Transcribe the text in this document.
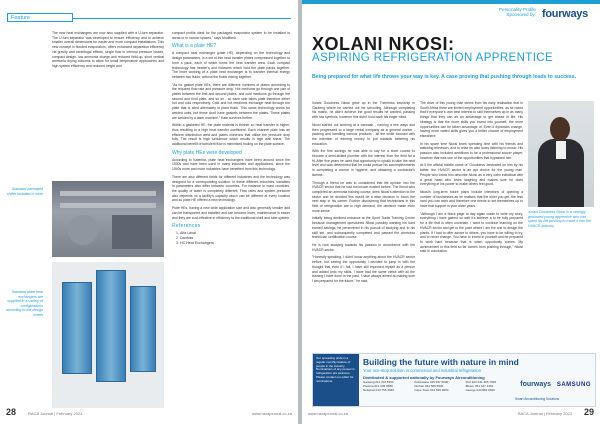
Feature

The new heat exchangers are now also supplied with a U-turn separator. The U-turn separator was developed to ensure efficiency and to achieve smaller overall dimensions for easier and more compact installations. This new concept in flooded evaporators, offers enhanced separation efficiency via gravity and centrifugal effects, single flow in internal pressure losses, compact design, low ammonia charge and reduced field-up, short vertical ammonia drying columns to allow for small temperature approaches and high system efficiency and reduced height and

Standard packaged chiller installed in mine
Standard plate heat exchangers are supplied in a variety of configurations according to the design needs

compact profile ideal for the packaged evaporator system to be installed in areas or in narrow spaces," says Modibedi.

What is a plate HE?

A compact heat exchanger (plate HE), depending on the technology and design parameters, is a set of thin heat transfer plates compressed together to form a pack, each of which forms the heat transfer area. Each compact technology has header's and followers which hold the plate packs together. The inner working of a plate heat exchanger is to transfer thermal energy between two fluids, without the fluids mixing together.

"As for gasket plate HEs, there are different numbers of plates according to the required flow rate and pressure drop. Hot mediums go through one pair of plates between the first and second plates, and cold mediums go through the second and third plate, and so on - so each side takes plate therefore either hot and cold respectively. Cold and hot mediums exchange heat through the plate that is sited alternately in plant fluids. This same technology works for welded units, but these don't have gaskets between the plates. These plates are welded by a laser machine," Kate survives further.

Within a gasketed HE, the plate material is thinner so heat transfer is higher, thus resulting in a high heat transfer coefficient. Each channel plate has an efficient distribution area and plates chevrons that utilise the pressure drop fully. The result is high turbulence which results in high wall shear. The additional benefit of turbulent flow is minimised fouling on the plate surface.

Why plate HEs were developed

According to Katerina, plate heat exchangers have been around since the 1930s and have been used in many industries and applications, since the 1940s more and more industries have benefited from this technology.

There are also different fields for different industries and the technology was designed for a corresponding solution. In these different industries, variables in parameters also differ between countries. For instance in mast countries, the quality of water is completely different. Flow rates and system pressure also depends on a facility's capacity which can be different at every location and so plate HE offered a new technology.

Plate HEs, having a new wide application size and also generally smaller and can be transported and installed and can become lower, maintenance is easier and they are cost-effective in efficiency to the traditional shell and tube system

References
1. Alfa Laval
2. Danfoss
3. HC Heat Exchangers
28	RACA Journal | February 2023	www.racajournal.co.za
Personality Profile Sponsored by: fourways
XOLANI NKOSI:
ASPIRING REFRIGERATION APPRENTICE
Being prepared for what life throws your way is key. A case proving that pushing through leads to success.

Xolani Goodness Nkosi grew up in the Thembisa township in Gauteng where he carried out his schooling. Although completing his matric, he didn't achieve the good results he wanted, passing with low symbols, however this didn't hold back his eager mind.

Nkosi started out working at a carwash - running a few ways and then progressed to a large rental company as a general worker - packing and handling various products - all the while focused with the intention of earning money to put towards bettering his education.

With the first savings he was able to say for a short course to become a semi-skilled plumber with the interest from the field for a fit. After five years he used that opportunity to upskill to take the next level and was determined that he could pursue his accomplishments in completing a course in hygiene, and obtaining a contractor's license.

Through a friend he was to considered that life opinion into the HVACR sector that he had not known existed before. The friend who completed an ammonia training course, drew Nkosi's attention to the sector and he decided this would be a wise decision to focus the next step in his career. Further discovering that technicians in this field of refrigeration are in high demand, the decision made even more sense.

Initially being declined entrance at the Sport Trade Training Centre because management questioned Nkosi possibly wanting his hard earned savings, he persevered in his pursuit of studying and to his skill set, and subsequently completed and passed the ammonia technician certification course.

He is now studying towards his passion in accordance with the HVACR sector.

"Honestly speaking, I didn't know anything about the HVACR sector before, but seeing the opportunity I decided to jump in with the thought that even if I fail, I have still improved myself as a person and added onto my skills. I have had the same views with all the training I have done in the past. I have always aimed at making sure I am prepared for the future," he said.

The drive of this young man stems from his early realisation that in South Africa there are limited employment opportunities, as he noted that if everyone's own best interest to skill themselves up in as many things that they can as an advantage to get ahead in life. His strategy is that the more skills you invest into yourself, the more opportunities can be taken advantage of. Even if dynamics change, having more varied skills gives you a better chance of employment elsewhere.

In his spare time Nkosi loves spending time with his friends and watching television, and to relax he also loves listening to music. His passion also included ambitions to be a professional soccer player, however that was one of the opportunities that bypassed him.

At it the official middle-name of 'Goodness' bestowed on him by his father, the HVACR sector is an apt choice for the young man. People who know him describe Nkosi as a very calm individual with a great heart who loves laughing and makes sure he does everything in his power to make others feel good.

Nkosi's long-term future plans include intentions of opening a number of businesses as he realises that the older you get, the less hard you can work and therefore one needs to set themselves up to have that support in your older years.

"Although I am a black page to day again made to write my story, everything I have gained so well it's achieve a to be fully prepared for a life that is often uncertain. I want to continue learning on the HVACR sector and get to the point where I am the one to design the plants. If I had to offer advice to others, you have to be willing to try, and to never change. You have to invest in yourself and be prepared to work hard because that is when opportunity comes. My achievement in this field so far comes from pushing through," Nkosi said in conclusion.

Xolani Goodness Nkosi is a strongly grounded young apprentice who has spent his life pushing to make it into the HVACR industry.
Our spreading pride in a regular monthly feature of people in the industry. Nominations of any person in refrigeration are welcome. Please contact our editor for nominations.
Building the future with nature in mind
Your one-stop solution in commercial and industrial refrigeration
Distributed & supported nationally by Fourways Airconditioning
Gauteng 011 704 5300
Pretoria 012 345 3580
Nelspruit 013 755 4045
Polokwane 015 297 6600
Durban 031 569 5500
Cape Town 021 529 9000
Port Eliz 041 365 7000
Bloem 051 447 4461
George 044 884 0620
fourways SAMSUNG
Smart Airconditioning Solutions
www.racajournal.co.za	RACA Journal | February 2023 29
